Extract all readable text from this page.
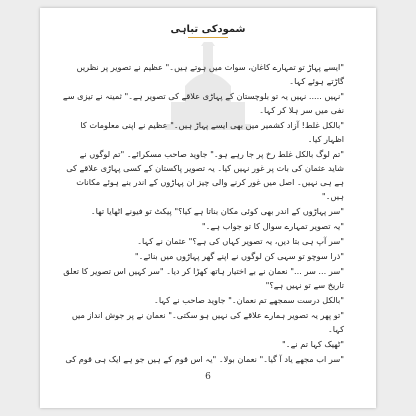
شمودکی تباہی

"ایسے پہاڑ تو تمہارے کاغان، سوات میں ہوتے ہیں۔" عظیم نے تصویر پر نظریں گاڑتے ہوئے کہا۔

"نہیں ..... نہیں یہ تو بلوچستان کے پہاڑی علاقے کی تصویر ہے۔" ثمینہ نے تیزی سے نفی میں سر ہلا کر کہا۔

"بالکل غلط! آزاد کشمیر میں بھی ایسے پہاڑ ہیں۔" عظیم نے اپنی معلومات کا اظہار کیا۔

"تم لوگ بالکل غلط رخ پر جا رہے ہو۔" جاوید صاحب مسکرائے۔ "تم لوگوں نے شاید عثمان کی بات پر غور نہیں کیا۔ یہ تصویر پاکستان کے کسی پہاڑی علاقے کی ہے ہی نہیں۔ اصل میں غور کرنے والی چیز ان پہاڑوں کے اندر بنے ہوئے مکانات ہیں۔"

"سر پہاڑوں کے اندر بھی کوئی مکان بناتا ہے کیا؟" پیکٹ تو فیونے اٹھایا تھا۔

"یہ تصویر تمہارے سوال کا تو جواب ہے۔"

"سر آپ ہی بتا دیں، یہ تصویر کہاں کی ہے؟" عثمان نے کہا۔

"ذرا سوچو تو سہی کن لوگوں نے اپنے گھر پہاڑوں میں بنائے۔"

"سر ... سر ..." نعمان نے بے اختیار ہاتھ کھڑا کر دیا۔ "سر کہیں اس تصویر کا تعلق تاریخ سے تو نہیں ہے؟"

"بالکل درست سمجھے تم نعمان۔" جاوید صاحب نے کہا۔

"تو پھر یہ تصویر ہمارے علاقے کی نہیں ہو سکتی۔" نعمان نے پر جوش انداز میں کہا۔

"ٹھیک کہا تم نے۔"

"سر اب مجھے یاد آ گیا۔" نعمان بولا۔ "یہ اس قوم کے ہیں جو ہے ایک ہی قوم کی

6
